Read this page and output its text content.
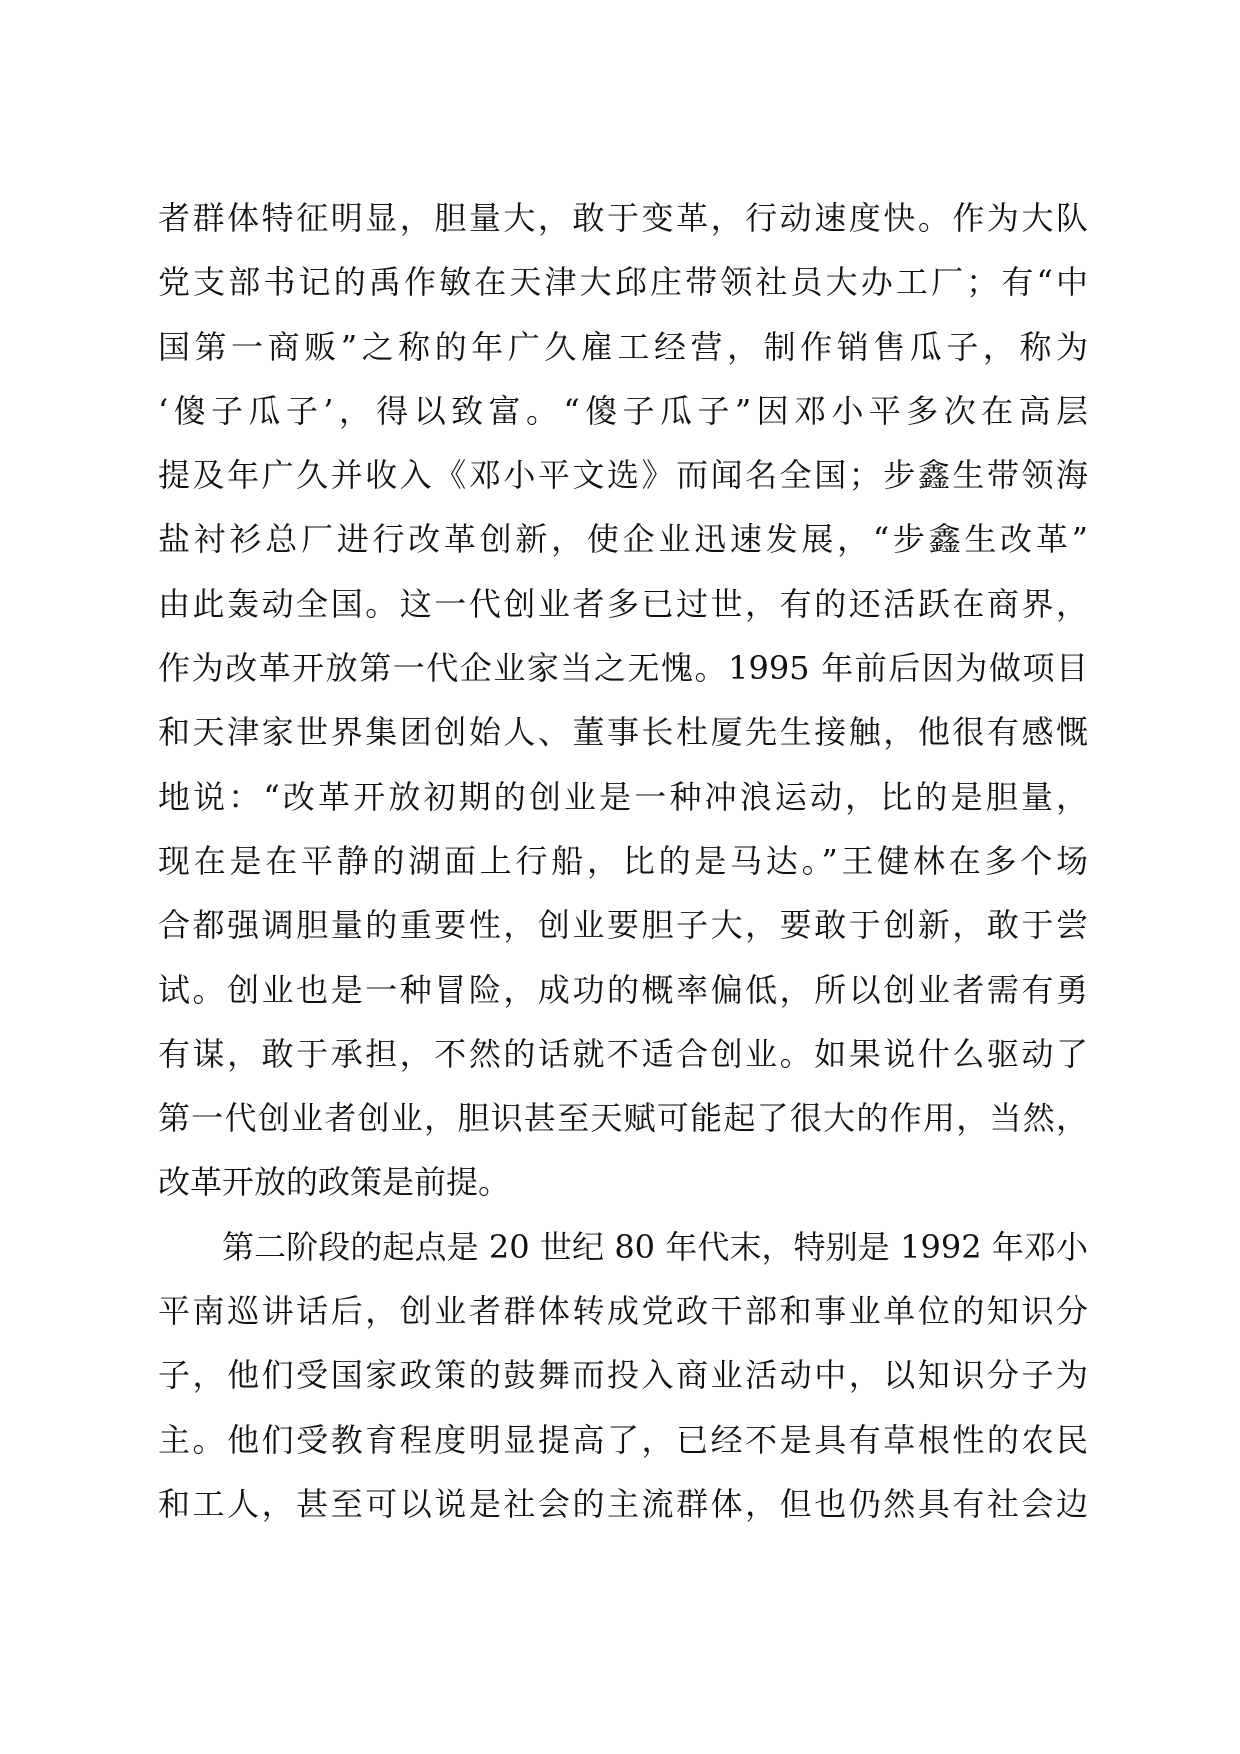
者群体特征明显，胆量大，敢于变革，行动速度快。作为大队
党支部书记的禹作敏在天津大邱庄带领社员大办工厂；有“中
国第一商贩”之称的年广久雇工经营，制作销售瓜子，称为
‘傻子瓜子’，得以致富。“傻子瓜子”因邓小平多次在高层
提及年广久并收入《邓小平文选》而闻名全国；步鑫生带领海
盐衬衫总厂进行改革创新，使企业迅速发展，“步鑫生改革”
由此轰动全国。这一代创业者多已过世，有的还活跃在商界，
作为改革开放第一代企业家当之无愧。1995 年前后因为做项目
和天津家世界集团创始人、董事长杜厦先生接触，他很有感慨
地说：“改革开放初期的创业是一种冲浪运动，比的是胆量，
现在是在平静的湖面上行船，比的是马达。”王健林在多个场
合都强调胆量的重要性，创业要胆子大，要敢于创新，敢于尝
试。创业也是一种冒险，成功的概率偏低，所以创业者需有勇
有谋，敢于承担，不然的话就不适合创业。如果说什么驱动了
第一代创业者创业，胆识甚至天赋可能起了很大的作用，当然，
改革开放的政策是前提。
第二阶段的起点是 20 世纪 80 年代末，特别是 1992 年邓小
平南巡讲话后，创业者群体转成党政干部和事业单位的知识分
子，他们受国家政策的鼓舞而投入商业活动中，以知识分子为
主。他们受教育程度明显提高了，已经不是具有草根性的农民
和工人，甚至可以说是社会的主流群体，但也仍然具有社会边
